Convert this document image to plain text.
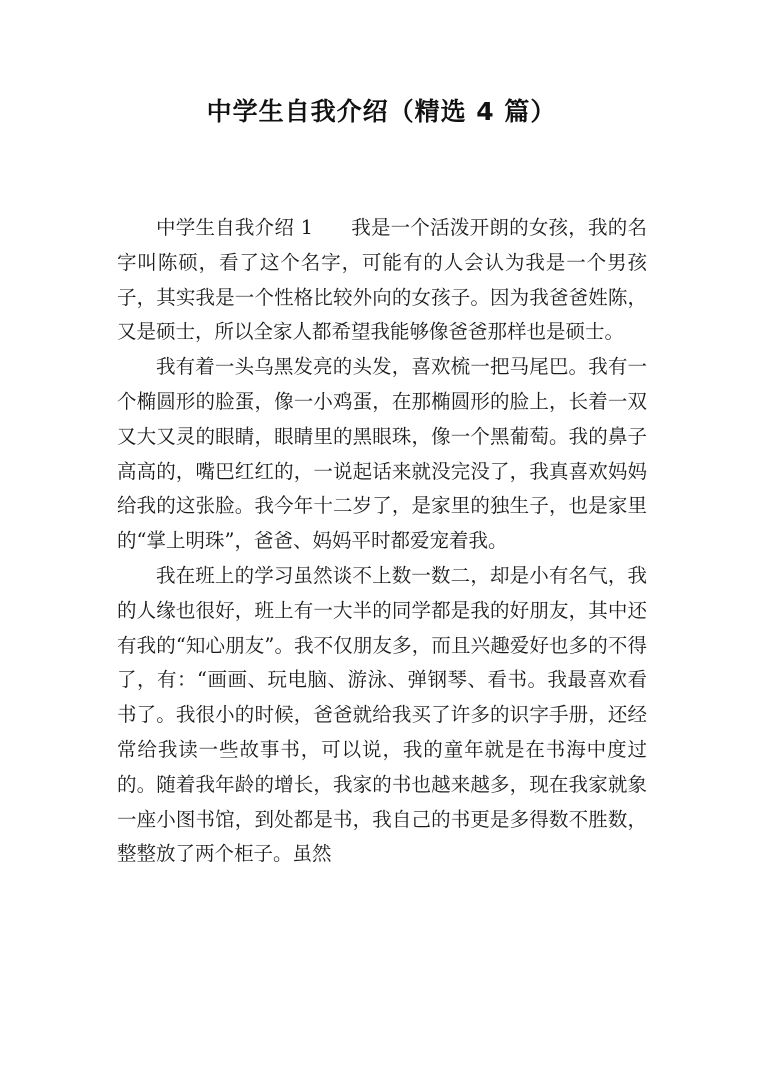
中学生自我介绍（精选 4 篇）

中学生自我介绍 1 我是一个活泼开朗的女孩，我的名字叫陈硕，看了这个名字，可能有的人会认为我是一个男孩子，其实我是一个性格比较外向的女孩子。因为我爸爸姓陈，又是硕士，所以全家人都希望我能够像爸爸那样也是硕士。

我有着一头乌黑发亮的头发，喜欢梳一把马尾巴。我有一个椭圆形的脸蛋，像一小鸡蛋，在那椭圆形的脸上，长着一双又大又灵的眼睛，眼睛里的黑眼珠，像一个黑葡萄。我的鼻子高高的，嘴巴红红的，一说起话来就没完没了，我真喜欢妈妈给我的这张脸。我今年十二岁了，是家里的独生子，也是家里的“掌上明珠”，爸爸、妈妈平时都爱宠着我。

我在班上的学习虽然谈不上数一数二，却是小有名气，我的人缘也很好，班上有一大半的同学都是我的好朋友，其中还有我的“知心朋友”。我不仅朋友多，而且兴趣爱好也多的不得了，有：“画画、玩电脑、游泳、弹钢琴、看书。我最喜欢看书了。我很小的时候，爸爸就给我买了许多的识字手册，还经常给我读一些故事书，可以说，我的童年就是在书海中度过的。随着我年龄的增长，我家的书也越来越多，现在我家就象一座小图书馆，到处都是书，我自己的书更是多得数不胜数，整整放了两个柜子。虽然
